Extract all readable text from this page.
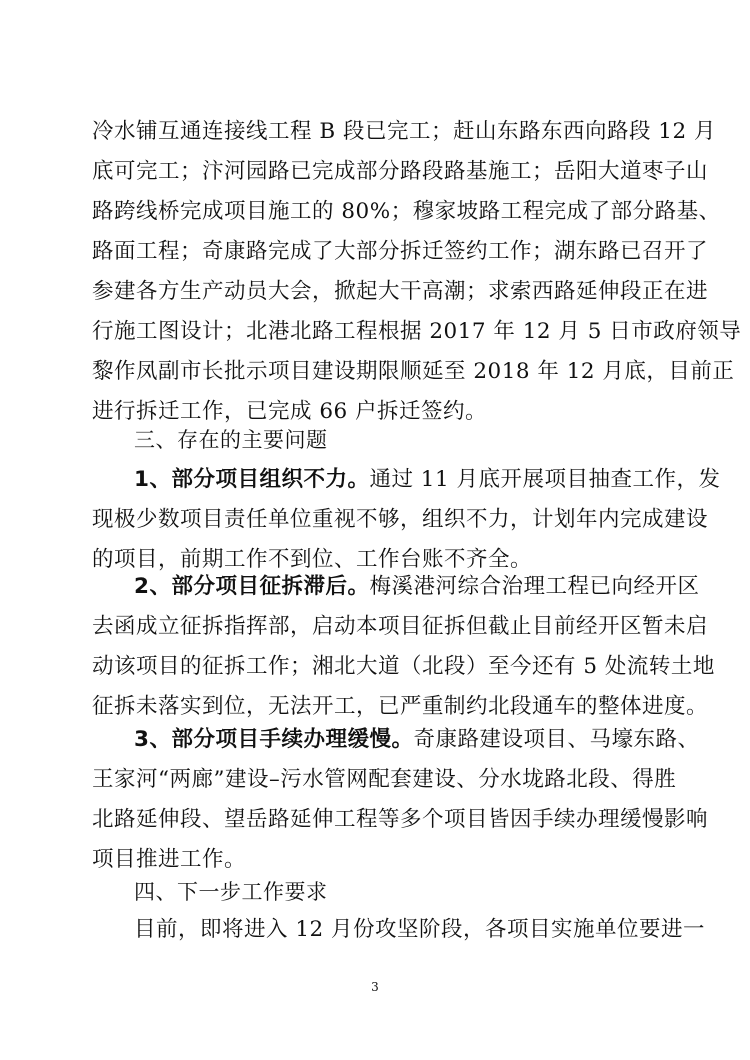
冷水铺互通连接线工程 B 段已完工；赶山东路东西向路段 12 月
底可完工；汴河园路已完成部分路段路基施工；岳阳大道枣子山
路跨线桥完成项目施工的 80%；穆家坡路工程完成了部分路基、
路面工程；奇康路完成了大部分拆迁签约工作；湖东路已召开了
参建各方生产动员大会，掀起大干高潮；求索西路延伸段正在进
行施工图设计；北港北路工程根据 2017 年 12 月 5 日市政府领导
黎作凤副市长批示项目建设期限顺延至 2018 年 12 月底，目前正
进行拆迁工作，已完成 66 户拆迁签约。
三、存在的主要问题
1、部分项目组织不力。通过 11 月底开展项目抽查工作，发
现极少数项目责任单位重视不够，组织不力，计划年内完成建设
的项目，前期工作不到位、工作台账不齐全。
2、部分项目征拆滞后。梅溪港河综合治理工程已向经开区
去函成立征拆指挥部，启动本项目征拆但截止目前经开区暂未启
动该项目的征拆工作；湘北大道（北段）至今还有 5 处流转土地
征拆未落实到位，无法开工，已严重制约北段通车的整体进度。
3、部分项目手续办理缓慢。奇康路建设项目、马壕东路、
王家河“两廊”建设–污水管网配套建设、分水垅路北段、得胜
北路延伸段、望岳路延伸工程等多个项目皆因手续办理缓慢影响
项目推进工作。
四、下一步工作要求
目前，即将进入 12 月份攻坚阶段，各项目实施单位要进一
3
